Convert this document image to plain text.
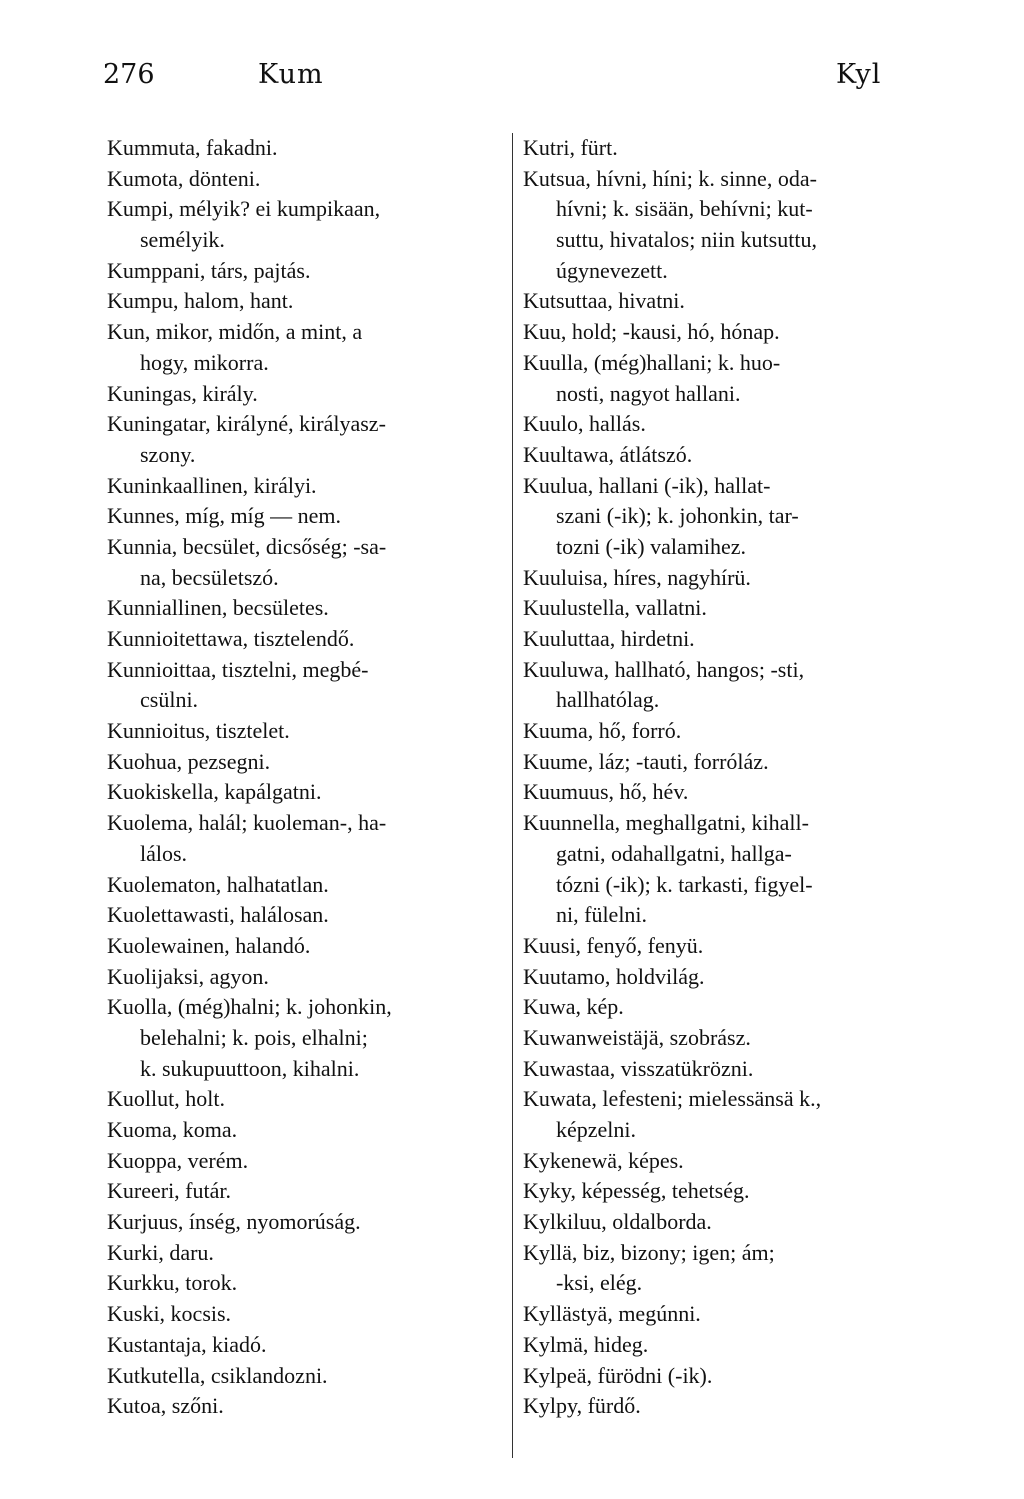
276	Kum	Kyl
Kummuta, fakadni.
Kumota, dönteni.
Kumpi, mélyik? ei kumpikaan,
semélyik.
Kumppani, társ, pajtás.
Kumpu, halom, hant.
Kun, mikor, midőn, a mint, a
hogy, mikorra.
Kuningas, király.
Kuningatar, királyné, királyasz-
szony.
Kuninkaallinen, királyi.
Kunnes, míg, míg — nem.
Kunnia, becsület, dicsőség; -sa-
na, becsületszó.
Kunniallinen, becsületes.
Kunnioitettawa, tisztelendő.
Kunnioittaa, tisztelni, megbé-
csülni.
Kunnioitus, tisztelet.
Kuohua, pezsegni.
Kuokiskella, kapálgatni.
Kuolema, halál; kuoleman-, ha-
lálos.
Kuolematon, halhatatlan.
Kuolettawasti, halálosan.
Kuolewainen, halandó.
Kuolijaksi, agyon.
Kuolla, (még)halni; k. johonkin,
belehalni; k. pois, elhalni;
k. sukupuuttoon, kihalni.
Kuollut, holt.
Kuoma, koma.
Kuoppa, verém.
Kureeri, futár.
Kurjuus, ínség, nyomorúság.
Kurki, daru.
Kurkku, torok.
Kuski, kocsis.
Kustantaja, kiadó.
Kutkutella, csiklandozni.
Kutoa, szőni.
Kutri, fürt.
Kutsua, hívni, híni; k. sinne, oda-
hívni; k. sisään, behívni; kut-
suttu, hivatalos; niin kutsuttu,
úgynevezett.
Kutsuttaa, hivatni.
Kuu, hold; -kausi, hó, hónap.
Kuulla, (még)hallani; k. huo-
nosti, nagyot hallani.
Kuulo, hallás.
Kuultawa, átlátszó.
Kuulua, hallani (-ik), hallat-
szani (-ik); k. johonkin, tar-
tozni (-ik) valamihez.
Kuuluisa, híres, nagyhírü.
Kuulustella, vallatni.
Kuuluttaa, hirdetni.
Kuuluwa, hallható, hangos; -sti,
hallhatólag.
Kuuma, hő, forró.
Kuume, láz; -tauti, forróláz.
Kuumuus, hő, hév.
Kuunnella, meghallgatni, kihall-
gatni, odahallgatni, hallga-
tózni (-ik); k. tarkasti, figyel-
ni, fülelni.
Kuusi, fenyő, fenyü.
Kuutamo, holdvilág.
Kuwa, kép.
Kuwanweistäjä, szobrász.
Kuwastaa, visszatükrözni.
Kuwata, lefesteni; mielessänsä k.,
képzelni.
Kykenewä, képes.
Kyky, képesség, tehetség.
Kylkiluu, oldalborda.
Kyllä, biz, bizony; igen; ám;
-ksi, elég.
Kyllästyä, megúnni.
Kylmä, hideg.
Kylpeä, fürödni (-ik).
Kylpy, fürdő.
